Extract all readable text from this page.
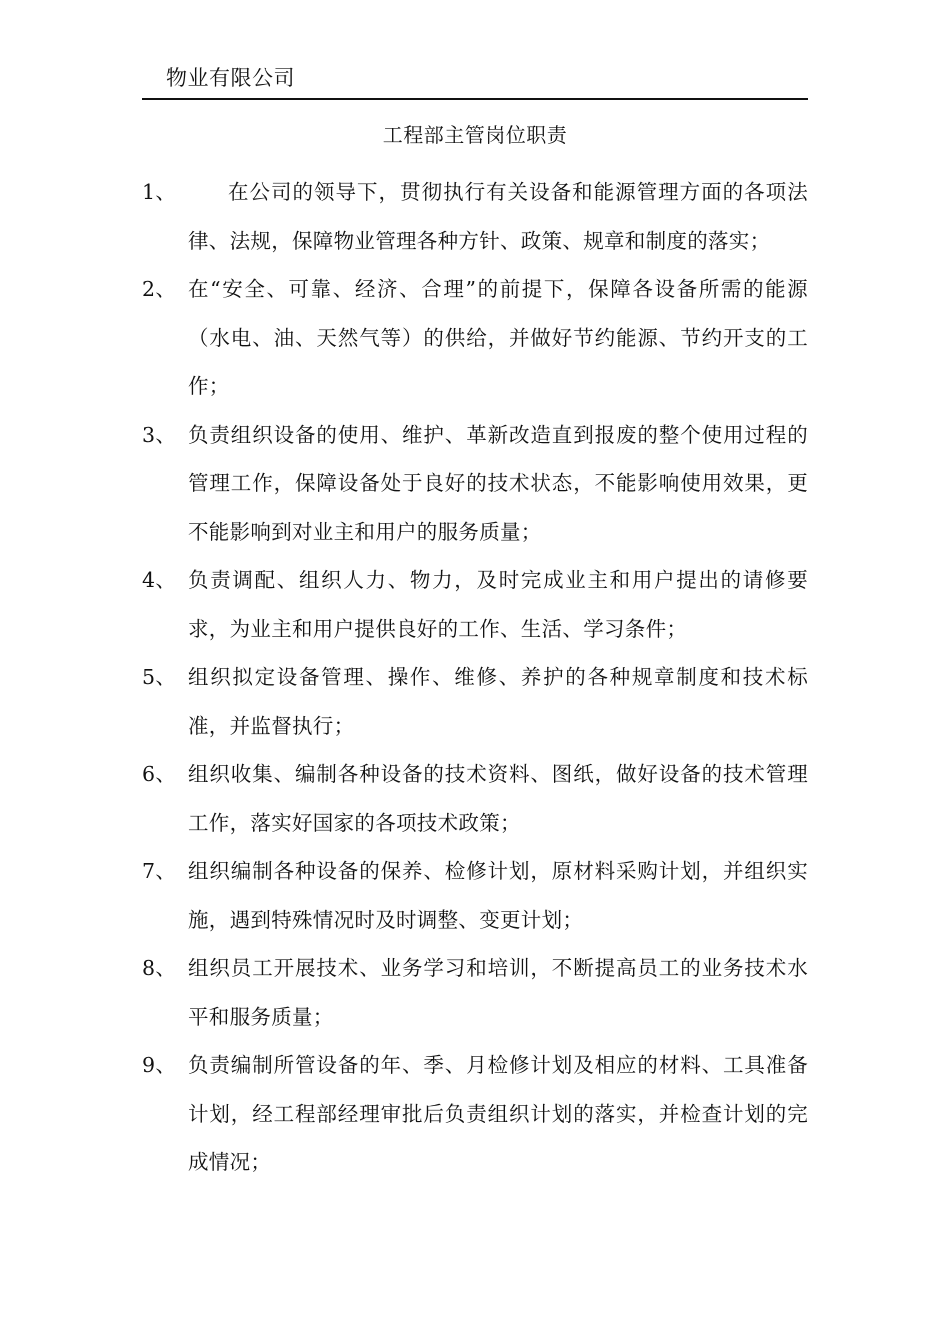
物业有限公司
工程部主管岗位职责
1、	在公司的领导下，贯彻执行有关设备和能源管理方面的各项法律、法规，保障物业管理各种方针、政策、规章和制度的落实；
2、 在“安全、可靠、经济、合理”的前提下，保障各设备所需的能源（水电、油、天然气等）的供给，并做好节约能源、节约开支的工作；
3、 负责组织设备的使用、维护、革新改造直到报废的整个使用过程的管理工作，保障设备处于良好的技术状态，不能影响使用效果，更不能影响到对业主和用户的服务质量；
4、 负责调配、组织人力、物力，及时完成业主和用户提出的请修要求，为业主和用户提供良好的工作、生活、学习条件；
5、 组织拟定设备管理、操作、维修、养护的各种规章制度和技术标准，并监督执行；
6、 组织收集、编制各种设备的技术资料、图纸，做好设备的技术管理工作，落实好国家的各项技术政策；
7、 组织编制各种设备的保养、检修计划，原材料采购计划，并组织实施，遇到特殊情况时及时调整、变更计划；
8、 组织员工开展技术、业务学习和培训，不断提高员工的业务技术水平和服务质量；
9、 负责编制所管设备的年、季、月检修计划及相应的材料、工具准备计划，经工程部经理审批后负责组织计划的落实，并检查计划的完成情况；
